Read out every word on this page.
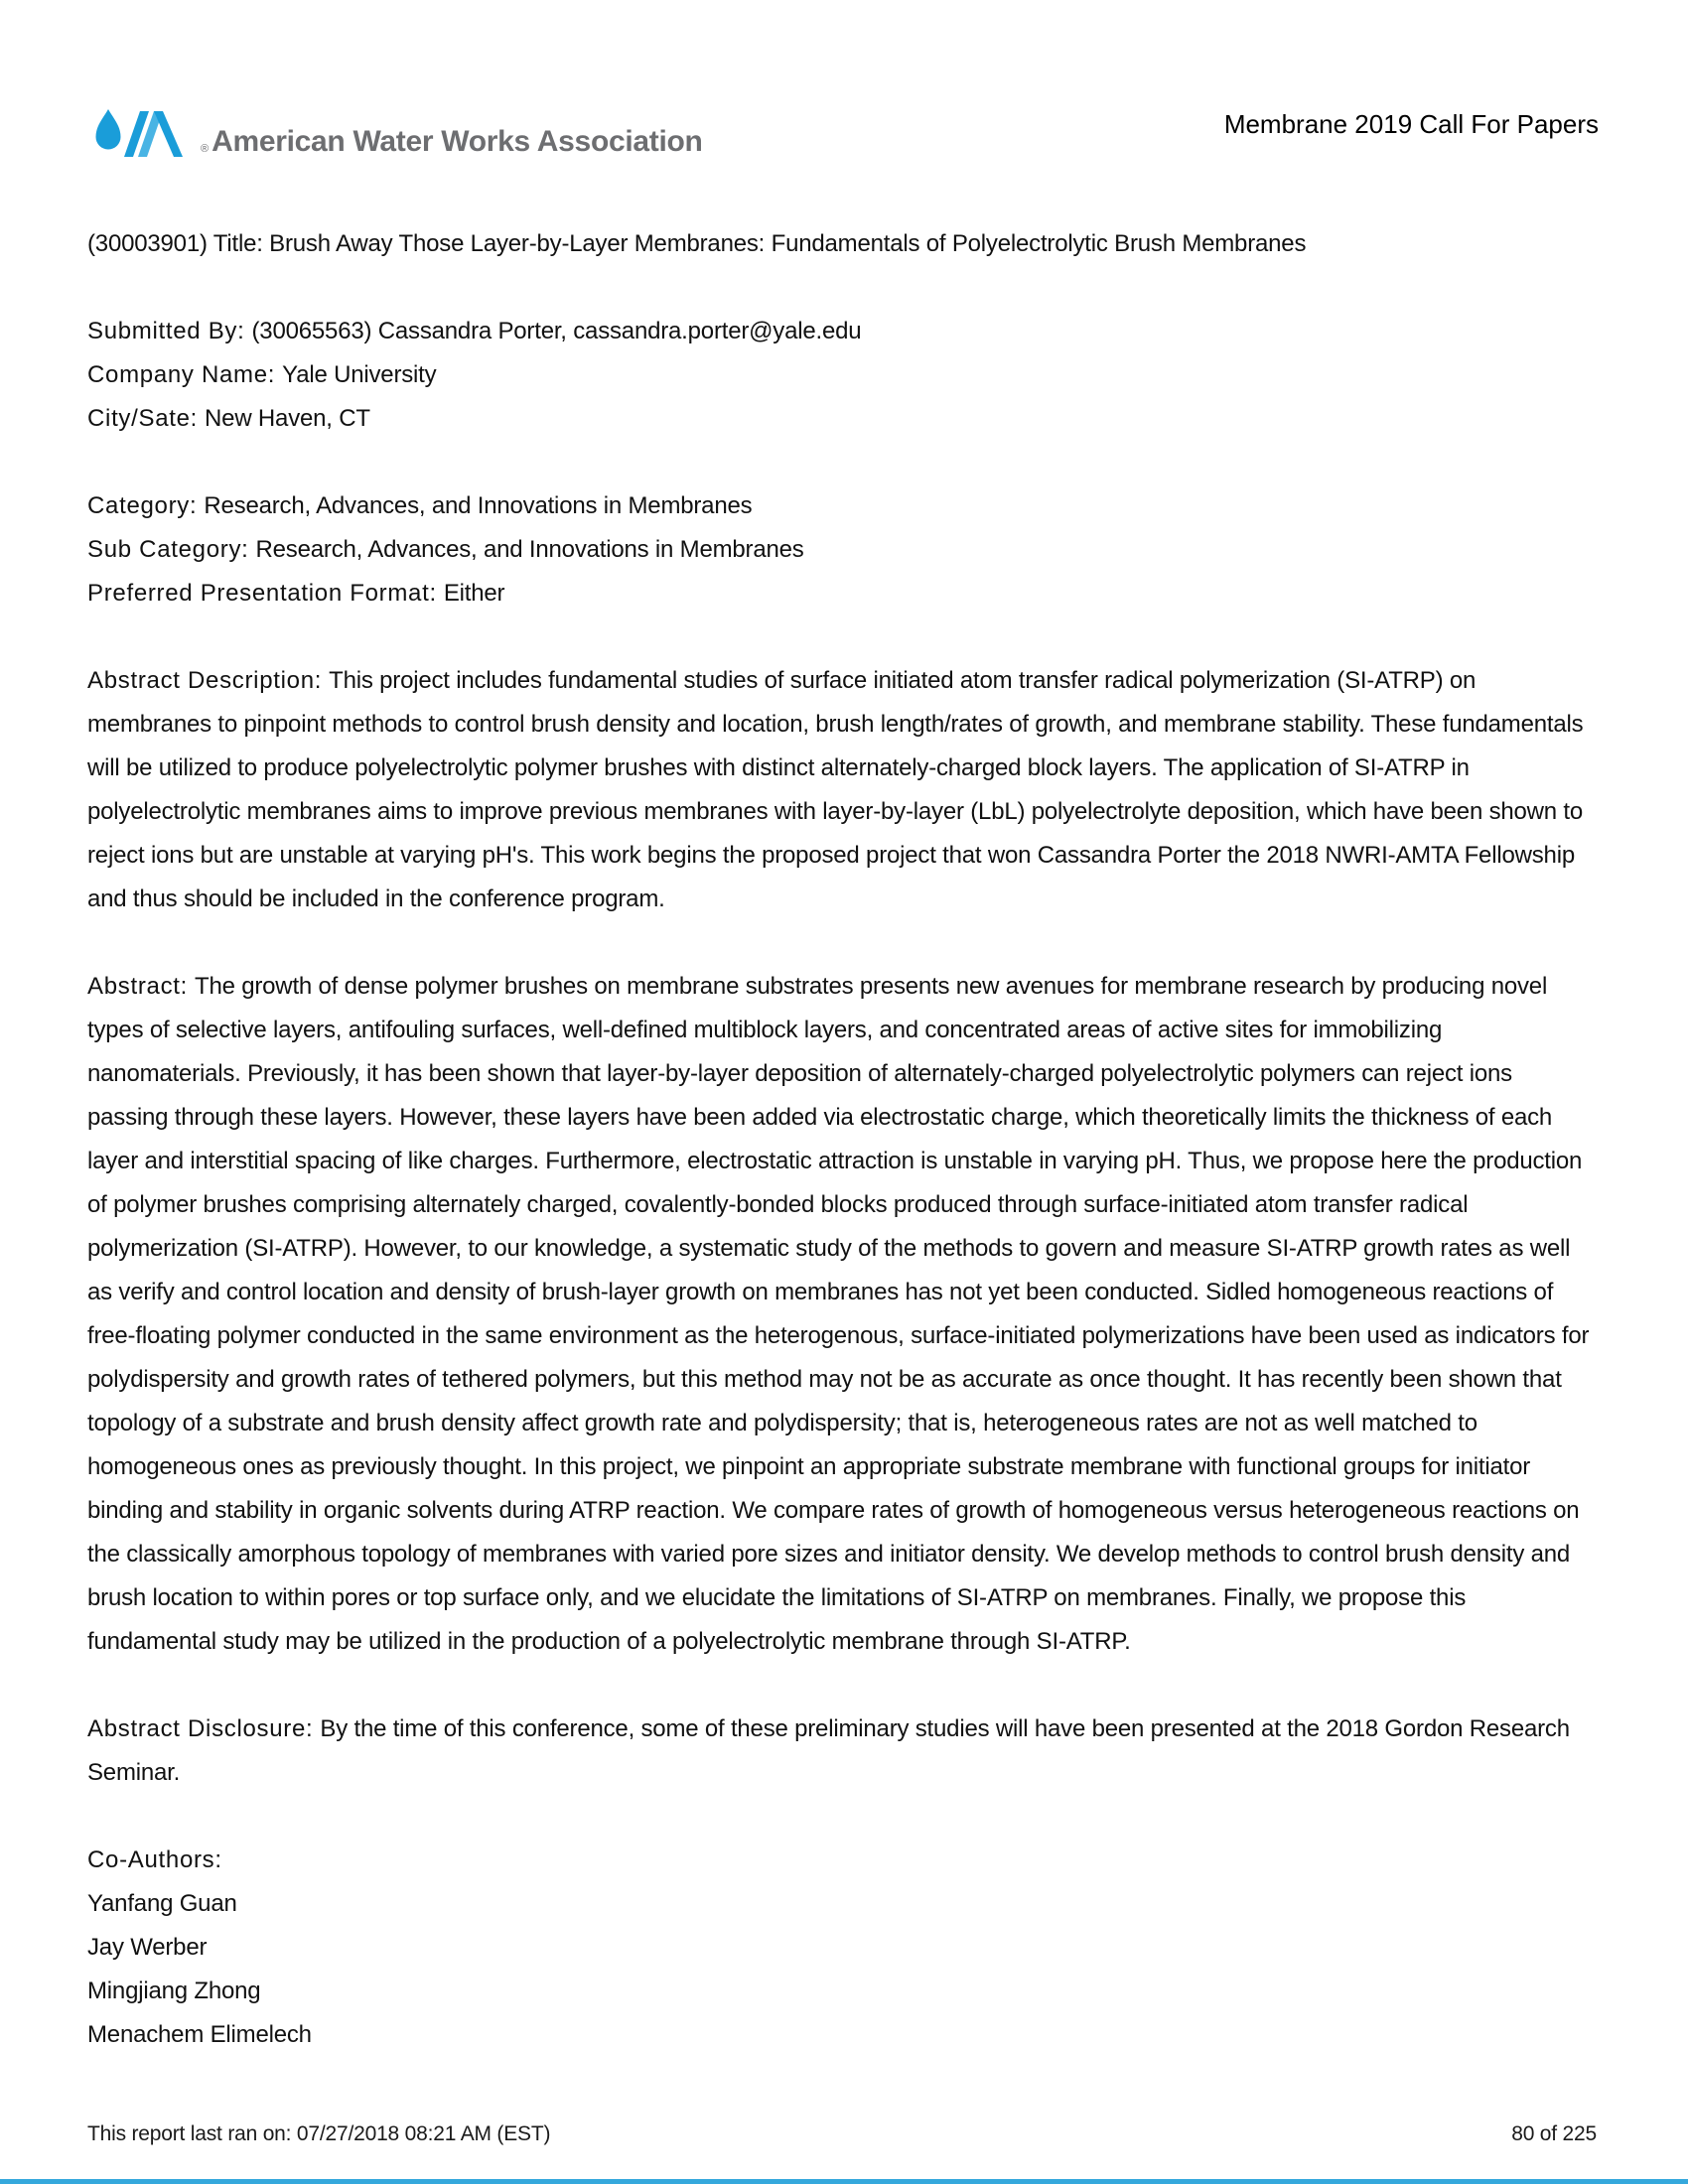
® American Water Works Association
Membrane 2019 Call For Papers

(30003901) Title: Brush Away Those Layer-by-Layer Membranes: Fundamentals of Polyelectrolytic Brush Membranes

Submitted By: (30065563) Cassandra Porter, cassandra.porter@yale.edu

Company Name: Yale University

City/Sate: New Haven, CT

Category: Research, Advances, and Innovations in Membranes

Sub Category: Research, Advances, and Innovations in Membranes

Preferred Presentation Format: Either

Abstract Description: This project includes fundamental studies of surface initiated atom transfer radical polymerization (SI-ATRP) on membranes to pinpoint methods to control brush density and location, brush length/rates of growth, and membrane stability. These fundamentals will be utilized to produce polyelectrolytic polymer brushes with distinct alternately-charged block layers. The application of SI-ATRP in polyelectrolytic membranes aims to improve previous membranes with layer-by-layer (LbL) polyelectrolyte deposition, which have been shown to reject ions but are unstable at varying pH's. This work begins the proposed project that won Cassandra Porter the 2018 NWRI-AMTA Fellowship and thus should be included in the conference program.

Abstract: The growth of dense polymer brushes on membrane substrates presents new avenues for membrane research by producing novel types of selective layers, antifouling surfaces, well-defined multiblock layers, and concentrated areas of active sites for immobilizing nanomaterials. Previously, it has been shown that layer-by-layer deposition of alternately-charged polyelectrolytic polymers can reject ions passing through these layers. However, these layers have been added via electrostatic charge, which theoretically limits the thickness of each layer and interstitial spacing of like charges. Furthermore, electrostatic attraction is unstable in varying pH. Thus, we propose here the production of polymer brushes comprising alternately charged, covalently-bonded blocks produced through surface-initiated atom transfer radical polymerization (SI-ATRP). However, to our knowledge, a systematic study of the methods to govern and measure SI-ATRP growth rates as well as verify and control location and density of brush-layer growth on membranes has not yet been conducted. Sidled homogeneous reactions of free-floating polymer conducted in the same environment as the heterogenous, surface-initiated polymerizations have been used as indicators for polydispersity and growth rates of tethered polymers, but this method may not be as accurate as once thought. It has recently been shown that topology of a substrate and brush density affect growth rate and polydispersity; that is, heterogeneous rates are not as well matched to homogeneous ones as previously thought. In this project, we pinpoint an appropriate substrate membrane with functional groups for initiator binding and stability in organic solvents during ATRP reaction. We compare rates of growth of homogeneous versus heterogeneous reactions on the classically amorphous topology of membranes with varied pore sizes and initiator density. We develop methods to control brush density and brush location to within pores or top surface only, and we elucidate the limitations of SI-ATRP on membranes. Finally, we propose this fundamental study may be utilized in the production of a polyelectrolytic membrane through SI-ATRP.

Abstract Disclosure: By the time of this conference, some of these preliminary studies will have been presented at the 2018 Gordon Research Seminar.

Co-Authors:

Yanfang Guan

Jay Werber

Mingjiang Zhong

Menachem Elimelech

This report last ran on: 07/27/2018 08:21 AM (EST)	80 of 225
